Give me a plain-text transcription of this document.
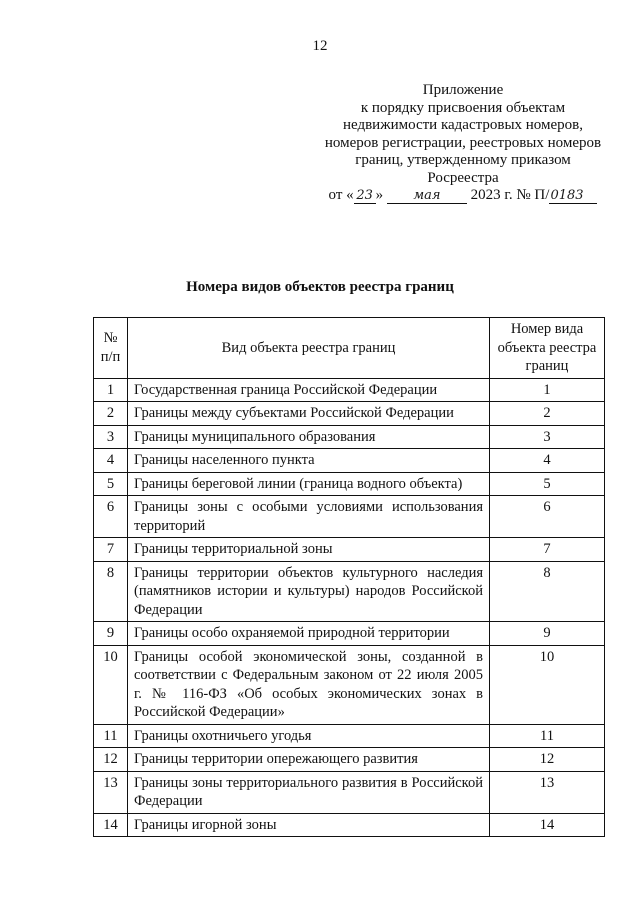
12
Приложение
к порядку присвоения объектам
недвижимости кадастровых номеров,
номеров регистрации, реестровых номеров
границ, утвержденному приказом
Росреестра
от « 23 » мая 2023 г. № П/0183
Номера видов объектов реестра границ
№ п/п	Вид объекта реестра границ	Номер вида объекта реестра границ
1	Государственная граница Российской Федерации	1
2	Границы между субъектами Российской Федерации	2
3	Границы муниципального образования	3
4	Границы населенного пункта	4
5	Границы береговой линии (граница водного объекта)	5
6	Границы зоны с особыми условиями использования территорий	6
7	Границы территориальной зоны	7
8	Границы территории объектов культурного наследия (памятников истории и культуры) народов Российской Федерации	8
9	Границы особо охраняемой природной территории	9
10	Границы особой экономической зоны, созданной в соответствии с Федеральным законом от 22 июля 2005 г. № 116-ФЗ «Об особых экономических зонах в Российской Федерации»	10
11	Границы охотничьего угодья	11
12	Границы территории опережающего развития	12
13	Границы зоны территориального развития в Российской Федерации	13
14	Границы игорной зоны	14
